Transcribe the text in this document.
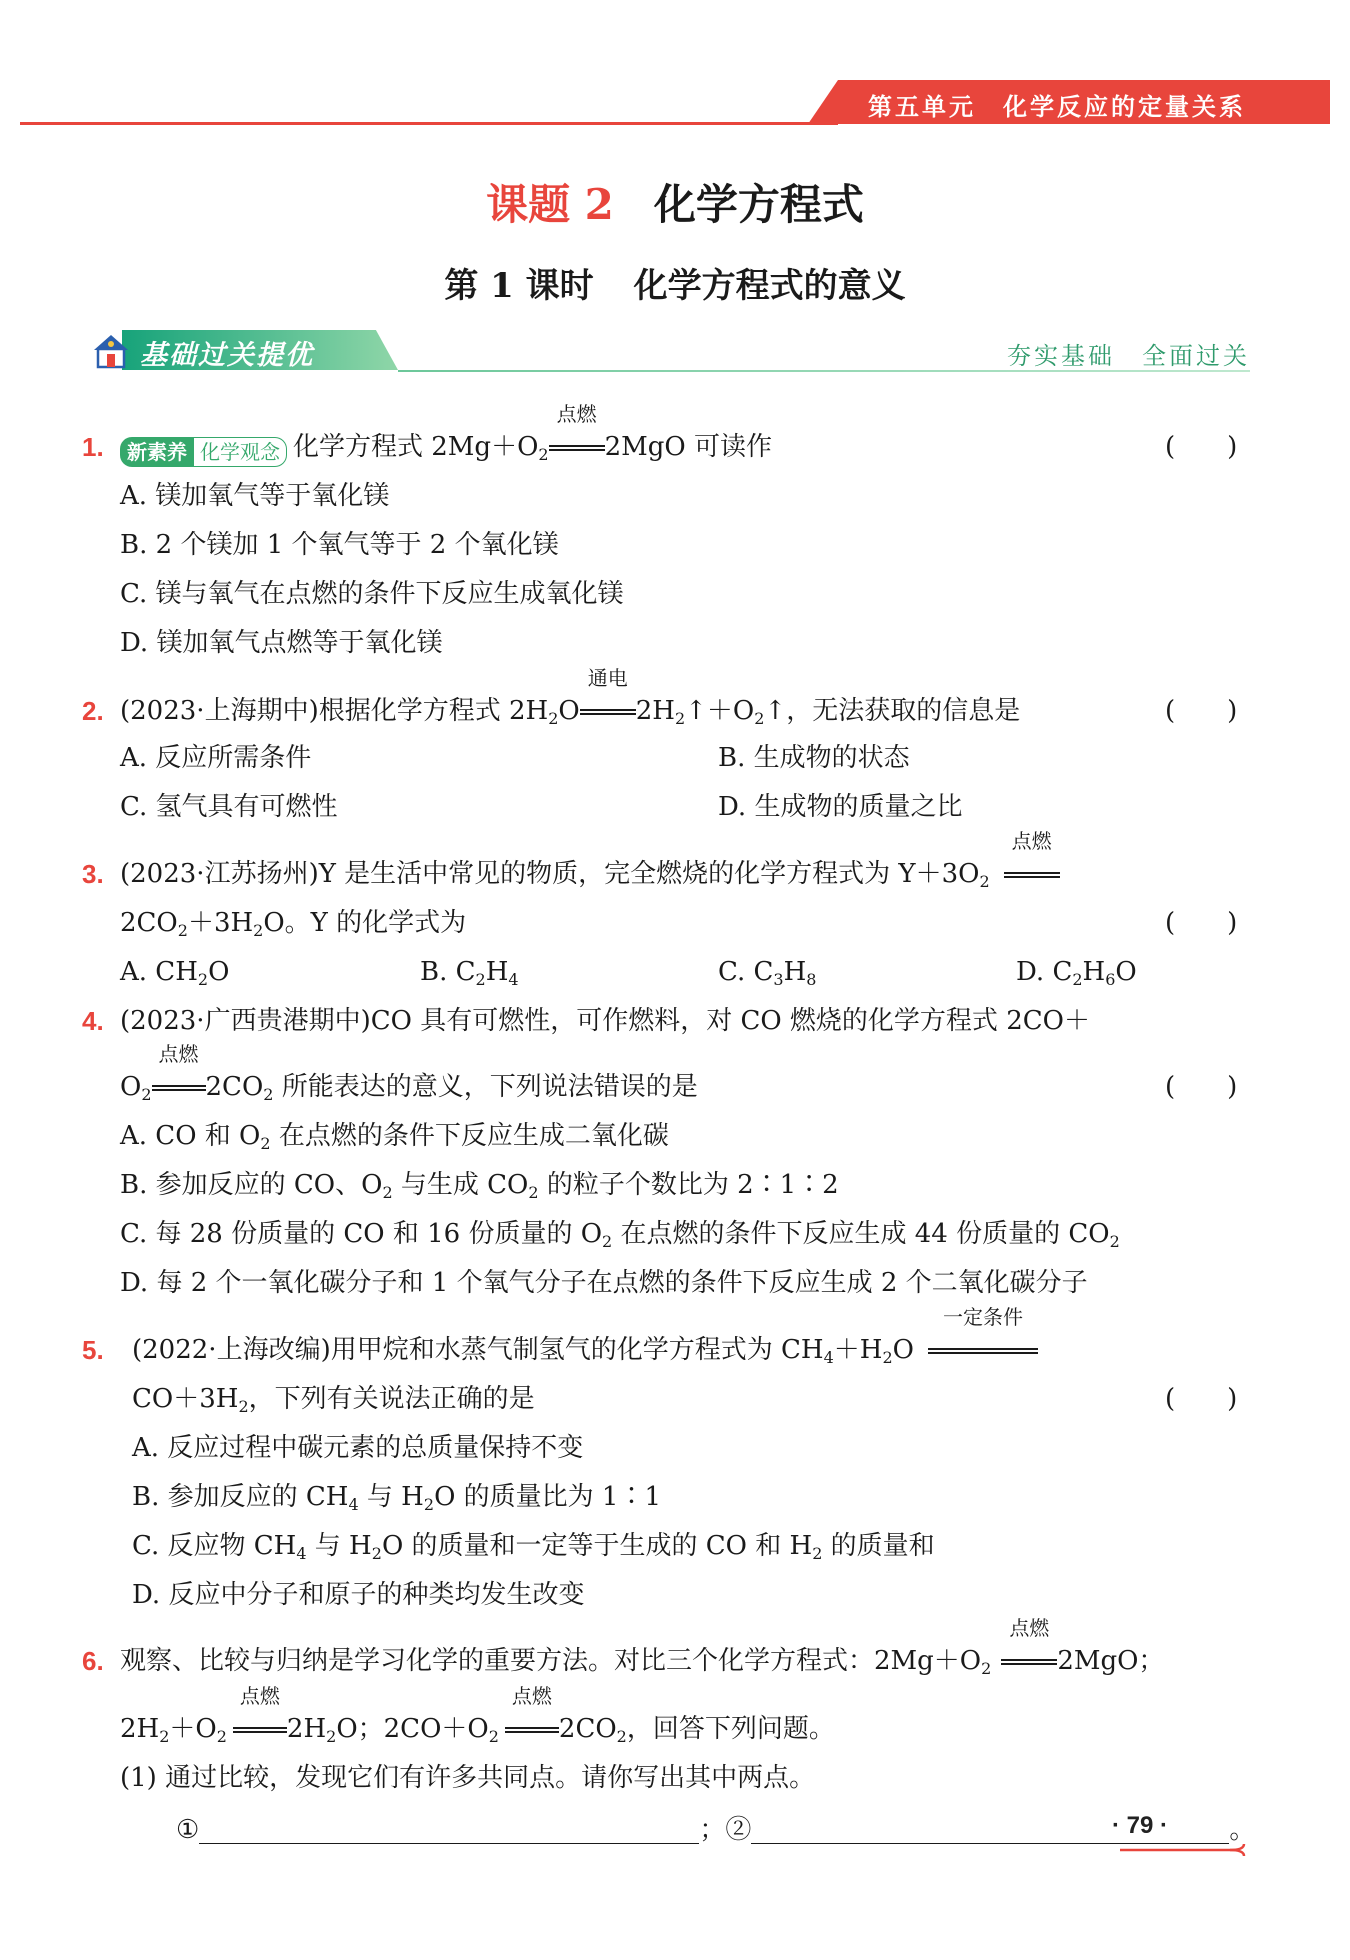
第五单元　化学反应的定量关系
课题 2 化学方程式
第 1 课时 化学方程式的意义
基础过关提优	夯实基础　全面过关
1.	新素养 化学观念 化学方程式 $2Mg+O_2$
点燃
2MgO 可读作	(　　)
A. 镁加氧气等于氧化镁
B. 2 个镁加 1 个氧气等于 2 个氧化镁
C. 镁与氧气在点燃的条件下反应生成氧化镁
D. 镁加氧气点燃等于氧化镁
2. (2023·上海期中)根据化学方程式 $2H_2O$
通电
$2H_2↑+O_2↑$，无法获取的信息是	(　　)
A. 反应所需条件	B. 生成物的状态
C. 氢气具有可燃性	D. 生成物的质量之比
3. (2023·江苏扬州)Y 是生活中常见的物质，完全燃烧的化学方程式为 $Y+3O_2$
点燃
$2CO_2+3H_2O$。Y 的化学式为	(　　)
A. $CH_2O$	B. $C_2H_4$	C. $C_3H_8$	D. $C_2H_6O$
4. (2023·广西贵港期中)CO 具有可燃性，可作燃料，对 CO 燃烧的化学方程式 2CO＋
$O_2$
点燃
$2CO_2$ 所能表达的意义，下列说法错误的是	(　　)
A. CO 和 $O_2$ 在点燃的条件下反应生成二氧化碳
B. 参加反应的 CO、$O_2$ 与生成 $CO_2$ 的粒子个数比为 2∶1∶2
C. 每 28 份质量的 CO 和 16 份质量的 $O_2$ 在点燃的条件下反应生成 44 份质量的 $CO_2$
D. 每 2 个一氧化碳分子和 1 个氧气分子在点燃的条件下反应生成 2 个二氧化碳分子
5. (2022·上海改编)用甲烷和水蒸气制氢气的化学方程式为 $CH_4+H_2O$
一定条件
$CO+3H_2$，下列有关说法正确的是	(　　)
A. 反应过程中碳元素的总质量保持不变
B. 参加反应的 $CH_4$ 与 $H_2O$ 的质量比为 1∶1
C. 反应物 $CH_4$ 与 $H_2O$ 的质量和一定等于生成的 CO 和 $H_2$ 的质量和
D. 反应中分子和原子的种类均发生改变
6. 观察、比较与归纳是学习化学的重要方法。对比三个化学方程式：$2Mg+O_2$
点燃
2MgO；
$2H_2+O_2$
点燃
$2H_2O$；$2CO+O_2$
点燃
$2CO_2$，回答下列问题。
(1) 通过比较，发现它们有许多共同点。请你写出其中两点。
①	；②	。
· 79 ·
